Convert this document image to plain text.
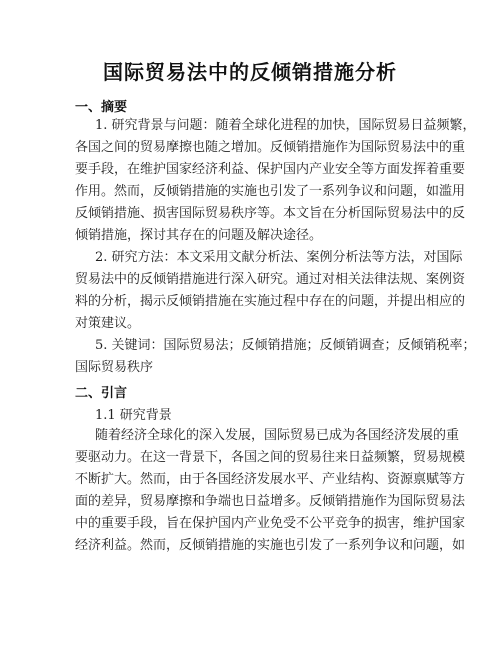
国际贸易法中的反倾销措施分析
一、摘要
1. 研究背景与问题：随着全球化进程的加快，国际贸易日益频繁，
各国之间的贸易摩擦也随之增加。反倾销措施作为国际贸易法中的重
要手段，在维护国家经济利益、保护国内产业安全等方面发挥着重要
作用。然而，反倾销措施的实施也引发了一系列争议和问题，如滥用
反倾销措施、损害国际贸易秩序等。本文旨在分析国际贸易法中的反
倾销措施，探讨其存在的问题及解决途径。
2. 研究方法：本文采用文献分析法、案例分析法等方法，对国际
贸易法中的反倾销措施进行深入研究。通过对相关法律法规、案例资
料的分析，揭示反倾销措施在实施过程中存在的问题，并提出相应的
对策建议。
5. 关键词：国际贸易法；反倾销措施；反倾销调查；反倾销税率；
国际贸易秩序
二、引言
1.1 研究背景
随着经济全球化的深入发展，国际贸易已成为各国经济发展的重
要驱动力。在这一背景下，各国之间的贸易往来日益频繁，贸易规模
不断扩大。然而，由于各国经济发展水平、产业结构、资源禀赋等方
面的差异，贸易摩擦和争端也日益增多。反倾销措施作为国际贸易法
中的重要手段，旨在保护国内产业免受不公平竞争的损害，维护国家
经济利益。然而，反倾销措施的实施也引发了一系列争议和问题，如
